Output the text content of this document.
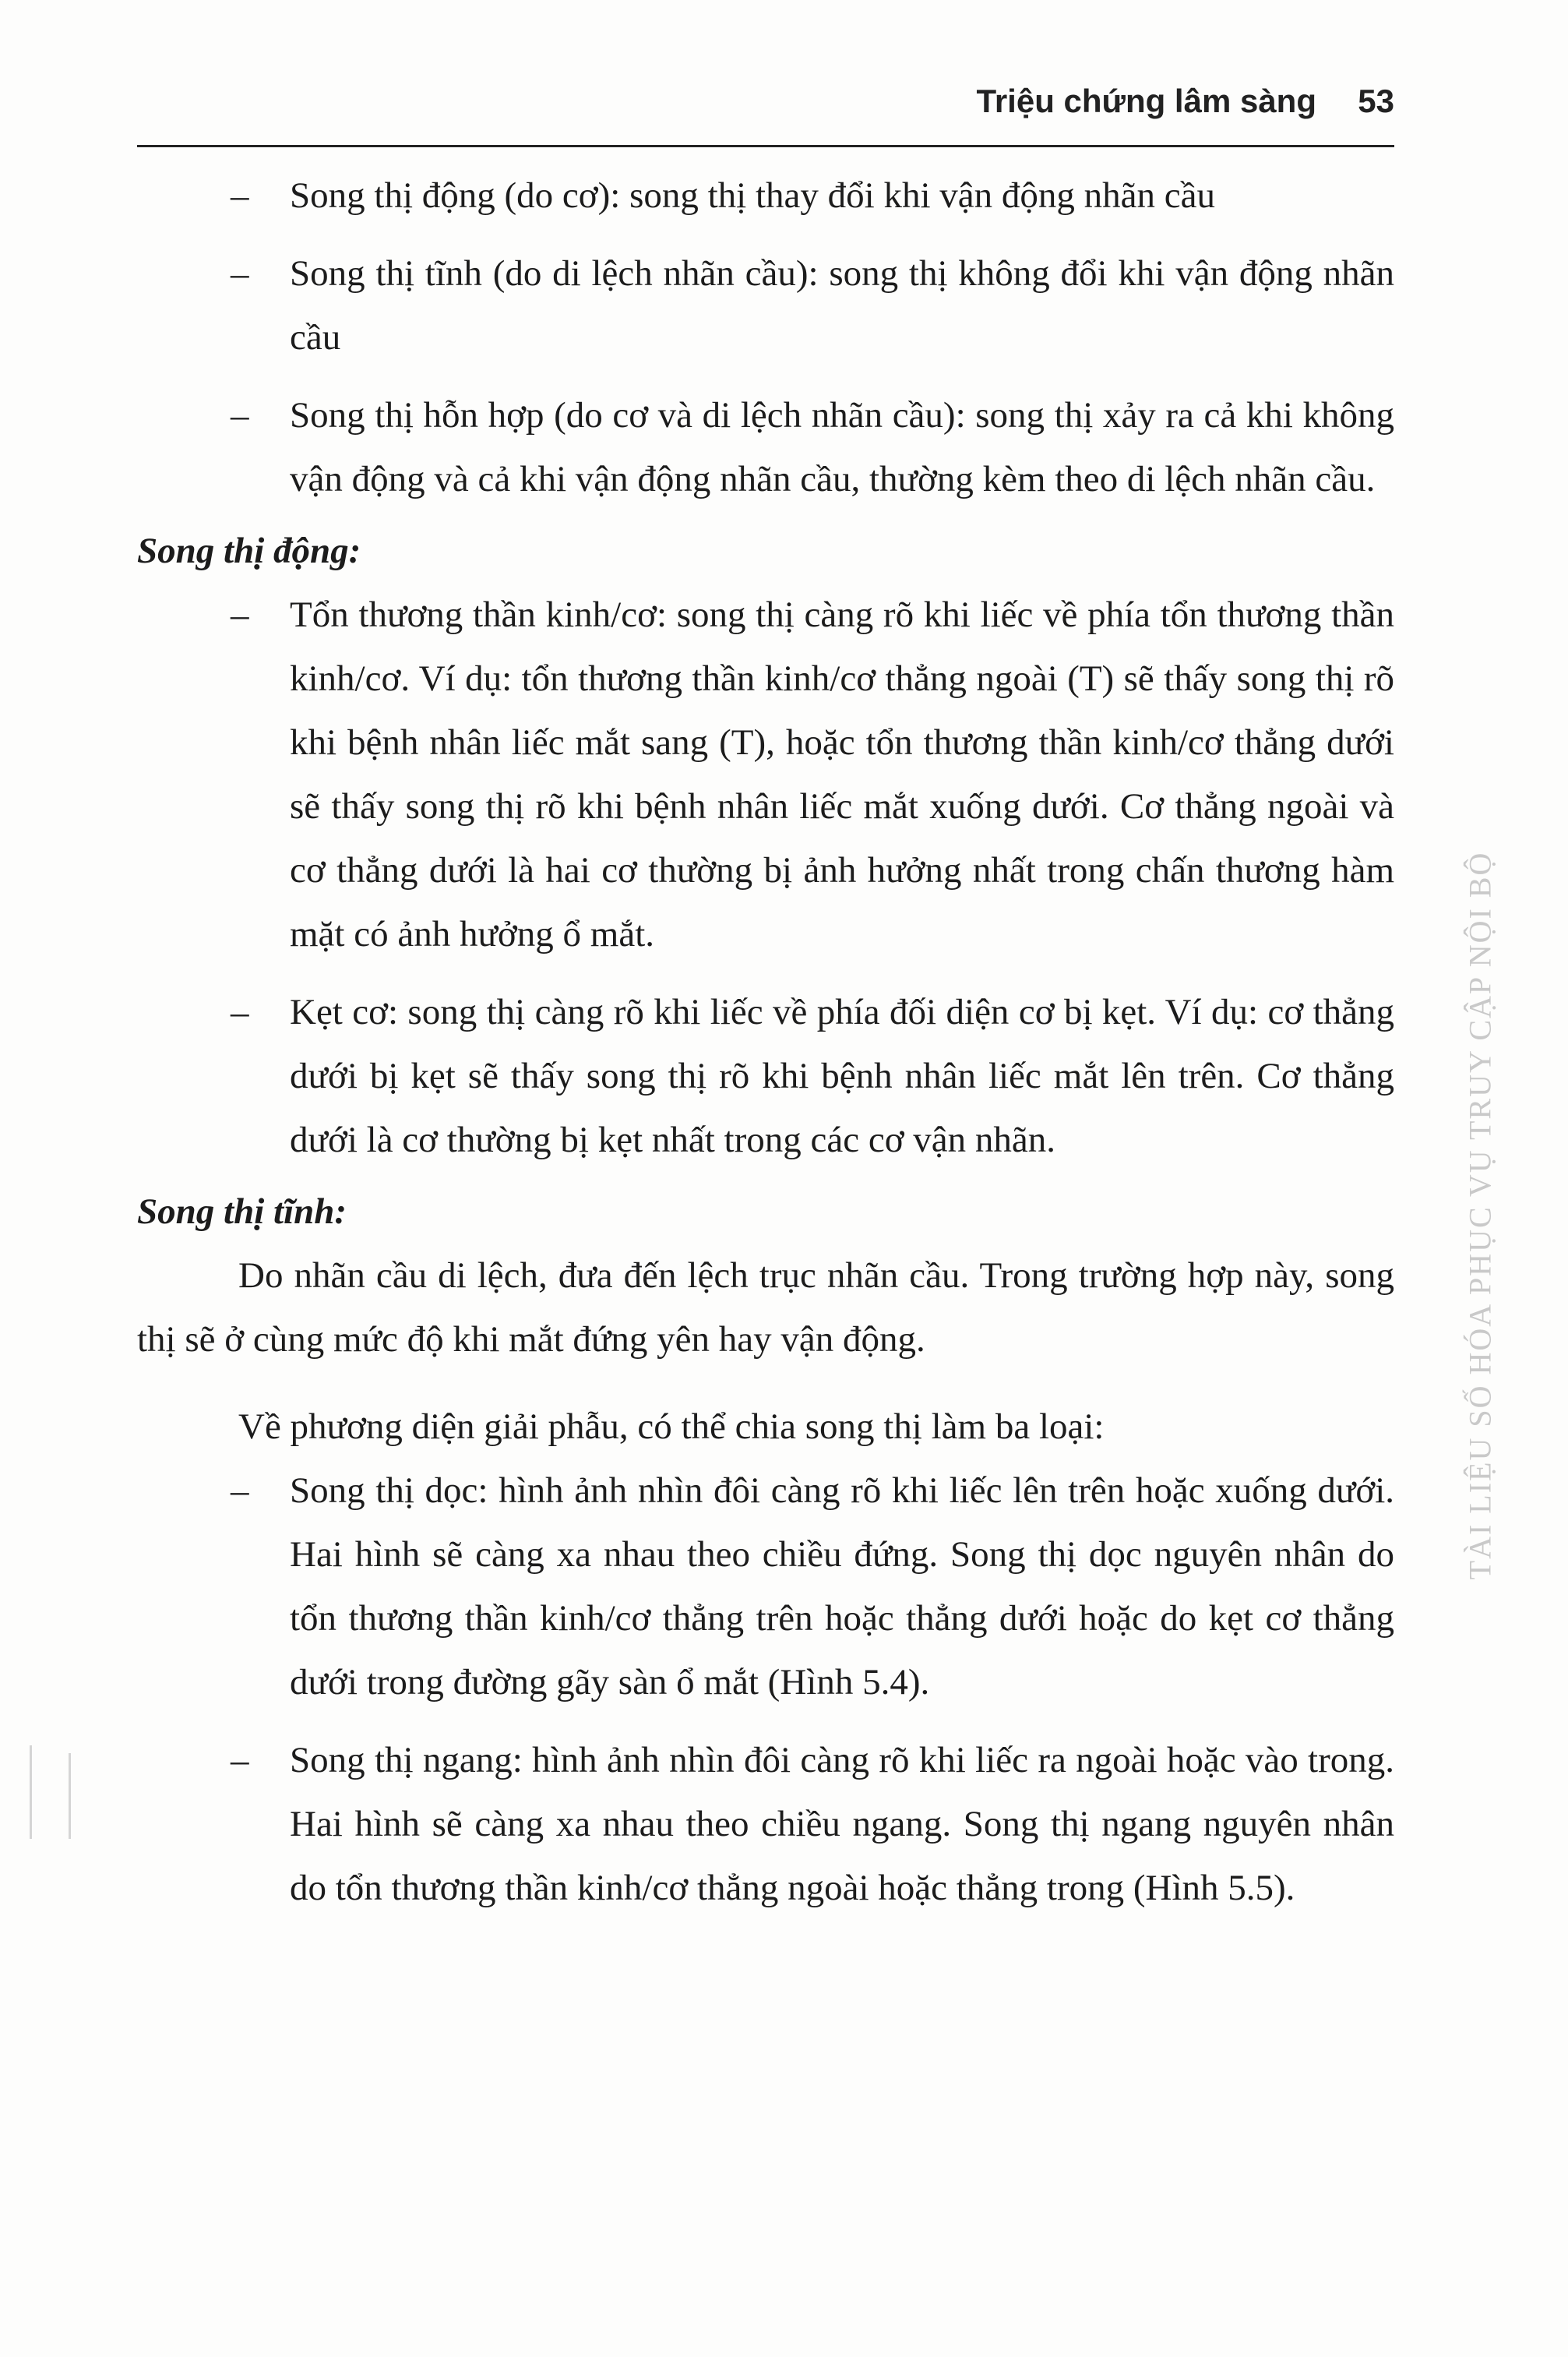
Triệu chứng lâm sàng 53
– Song thị động (do cơ): song thị thay đổi khi vận động nhãn cầu
– Song thị tĩnh (do di lệch nhãn cầu): song thị không đổi khi vận động nhãn cầu
– Song thị hỗn hợp (do cơ và di lệch nhãn cầu): song thị xảy ra cả khi không vận động và cả khi vận động nhãn cầu, thường kèm theo di lệch nhãn cầu.
Song thị động:
– Tổn thương thần kinh/cơ: song thị càng rõ khi liếc về phía tổn thương thần kinh/cơ. Ví dụ: tổn thương thần kinh/cơ thẳng ngoài (T) sẽ thấy song thị rõ khi bệnh nhân liếc mắt sang (T), hoặc tổn thương thần kinh/cơ thẳng dưới sẽ thấy song thị rõ khi bệnh nhân liếc mắt xuống dưới. Cơ thẳng ngoài và cơ thẳng dưới là hai cơ thường bị ảnh hưởng nhất trong chấn thương hàm mặt có ảnh hưởng ổ mắt.
– Kẹt cơ: song thị càng rõ khi liếc về phía đối diện cơ bị kẹt. Ví dụ: cơ thẳng dưới bị kẹt sẽ thấy song thị rõ khi bệnh nhân liếc mắt lên trên. Cơ thẳng dưới là cơ thường bị kẹt nhất trong các cơ vận nhãn.
Song thị tĩnh:
Do nhãn cầu di lệch, đưa đến lệch trục nhãn cầu. Trong trường hợp này, song thị sẽ ở cùng mức độ khi mắt đứng yên hay vận động.
Về phương diện giải phẫu, có thể chia song thị làm ba loại:
– Song thị dọc: hình ảnh nhìn đôi càng rõ khi liếc lên trên hoặc xuống dưới. Hai hình sẽ càng xa nhau theo chiều đứng. Song thị dọc nguyên nhân do tổn thương thần kinh/cơ thẳng trên hoặc thẳng dưới hoặc do kẹt cơ thẳng dưới trong đường gãy sàn ổ mắt (Hình 5.4).
– Song thị ngang: hình ảnh nhìn đôi càng rõ khi liếc ra ngoài hoặc vào trong. Hai hình sẽ càng xa nhau theo chiều ngang. Song thị ngang nguyên nhân do tổn thương thần kinh/cơ thẳng ngoài hoặc thẳng trong (Hình 5.5).
TÀI LIỆU SỐ HÓA PHỤC VỤ TRUY CẬP NỘI BỘ
